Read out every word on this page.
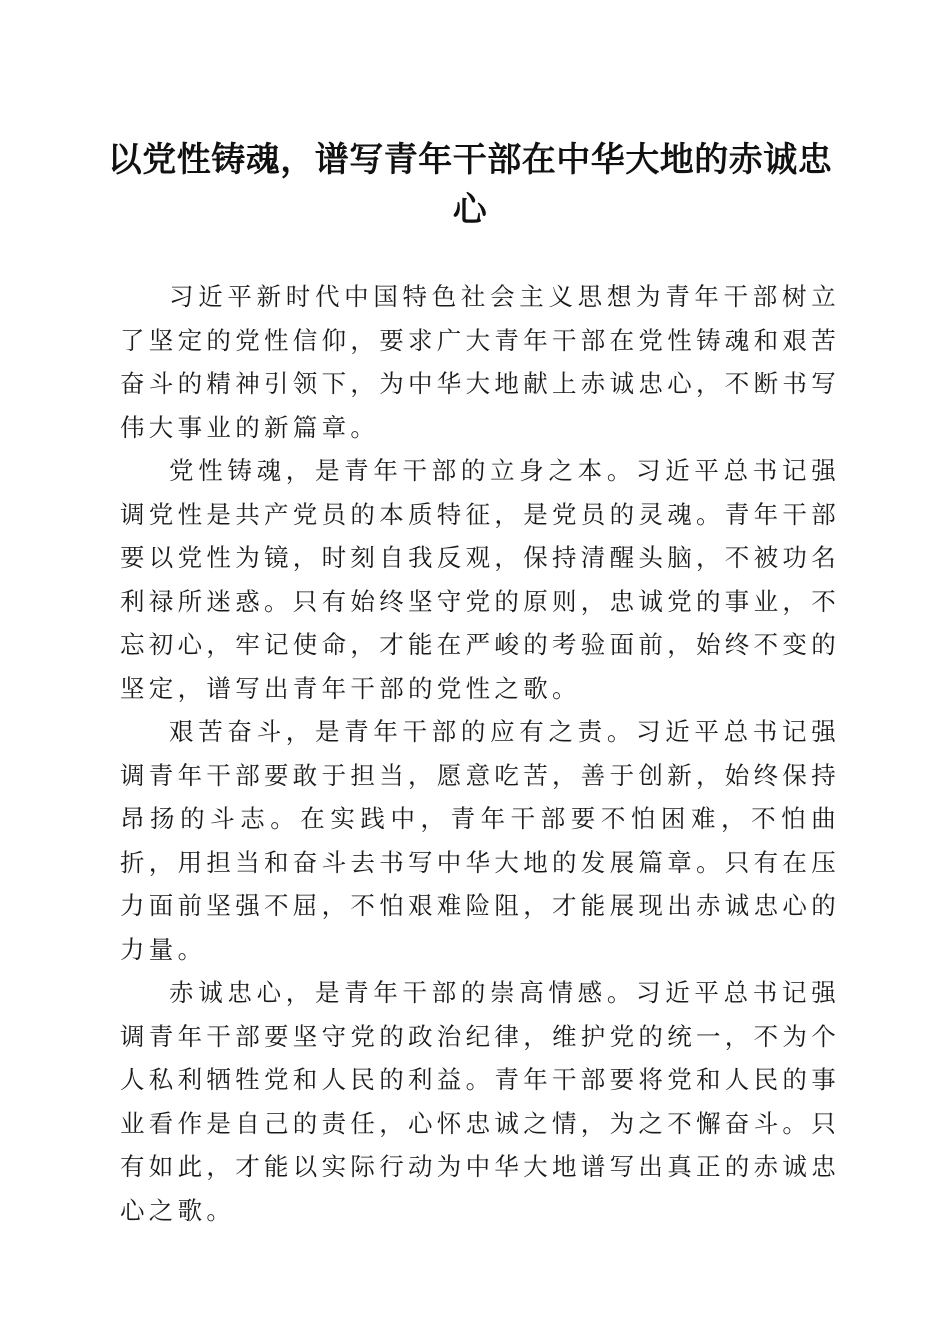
以党性铸魂，谱写青年干部在中华大地的赤诚忠心

习近平新时代中国特色社会主义思想为青年干部树立了坚定的党性信仰，要求广大青年干部在党性铸魂和艰苦奋斗的精神引领下，为中华大地献上赤诚忠心，不断书写伟大事业的新篇章。

党性铸魂，是青年干部的立身之本。习近平总书记强调党性是共产党员的本质特征，是党员的灵魂。青年干部要以党性为镜，时刻自我反观，保持清醒头脑，不被功名利禄所迷惑。只有始终坚守党的原则，忠诚党的事业，不忘初心，牢记使命，才能在严峻的考验面前，始终不变的坚定，谱写出青年干部的党性之歌。

艰苦奋斗，是青年干部的应有之责。习近平总书记强调青年干部要敢于担当，愿意吃苦，善于创新，始终保持昂扬的斗志。在实践中，青年干部要不怕困难，不怕曲折，用担当和奋斗去书写中华大地的发展篇章。只有在压力面前坚强不屈，不怕艰难险阻，才能展现出赤诚忠心的力量。

赤诚忠心，是青年干部的崇高情感。习近平总书记强调青年干部要坚守党的政治纪律，维护党的统一，不为个人私利牺牲党和人民的利益。青年干部要将党和人民的事业看作是自己的责任，心怀忠诚之情，为之不懈奋斗。只有如此，才能以实际行动为中华大地谱写出真正的赤诚忠心之歌。
